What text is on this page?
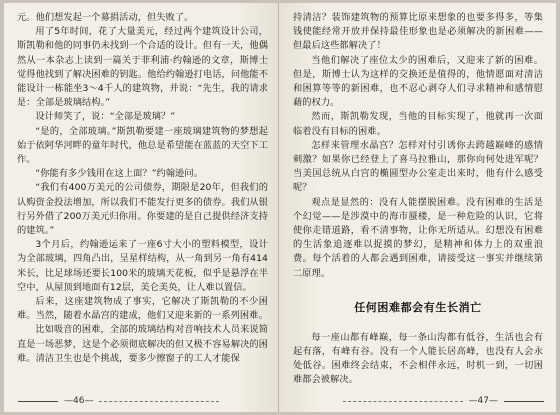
元。他们想发起一个募捐活动，但失败了。

用了5年时间，花了大量美元，经过两个建筑设计公司，斯凯勒和他的同事仍未找到一个合适的设计。但有一天，他偶然从一本杂志上读到一篇关于菲利浦·约翰逊的文章，斯博士觉得他找到了解决困难的钥匙。他给约翰逊打电话，问他能不能设计一栋能坐3～4千人的建筑物，并说：“先生，我的请求是：全部是玻璃结构。”

设计师笑了，说：“全部是玻璃？”

“是的，全部玻璃。”斯凯勒要建一座玻璃建筑物的梦想起始于依阿华河畔的童年时代，他总是希望能在蓝蓝的天空下工作。

“你能有多少钱用在这上面？”约翰逊问。

“我们有400万美元的公司债券，期限是20年，但我们的认购资金投法增加，所以我们不能发行更多的债券。我们从银行另外借了200万美元归你用。你要建的是自己提供经济支持的建筑。”

3个月后，约翰逊运来了一座6寸大小的塑料模型，设计为全部玻璃，四角凸出，呈星样结构，从一角到另一角有414米长，比足球场还要长100米的玻璃天花板，似乎是悬浮在半空中，从屋顶到地面有12层，美仑美奂，让人难以置信。

后来，这座建筑物成了事实，它解决了斯凯勒的不少困难。当然，随着水晶宫的建成，他们又迎来新的一系列困难。

比如吸音的困难，全部的玻璃结构对音响技术人员来说简直是一场恶梦，这是个必须彻底解决的但又极不容易解决的困难。清洁卫生也是个挑战，要多少擦窗子的工人才能保

—46—

持清洁？装饰建筑物的预算比原来想象的也要多得多，等集钱使能经常开放并保持最佳形象也是必须解决的新困难——但最后这些都解决了！

当他们解决了座位太少的困难后，又迎来了新的困难。但是，斯博士认为这样的交换还是值得的，他情愿面对清洁和困算等等的新困难，也不忍心剥夺人们寻求精神和感情慰藉的权力。

然而，斯凯勒发现，当他的目标实现了，他就再一次面临着没有目标的困难。

怎样来管理水晶宫？怎样对付引诱你去跨越巅峰的感情刺激？如果你已经登上了喜马拉雅山，那你向何处进军呢？当美国总统从白宫的椭圆型办公室走出来时，他有什么感受呢？

观点是显然的：没有人能摆脱困难。没有困难的生活是个幻觉——是涉漠中的海市蜃楼，是一种危险的认识，它将使你走错道路，看不清事物，让你无所适从。幻想没有困难的生活象追逐难以捉摸的梦幻，是精神和体力上的双重浪费。每个活着的人都会遇到困难，请接受这一事实并继续第二原理。

任何困难都会有生长消亡

每一座山都有峰巅，每一条山沟都有低谷，生活也会有起有落，有峰有谷。没有一个人能长居高峰，也没有人会永处低谷。困难终会结束，不会相伴永远，时机一到，一切困难都会被解决。

—47—
